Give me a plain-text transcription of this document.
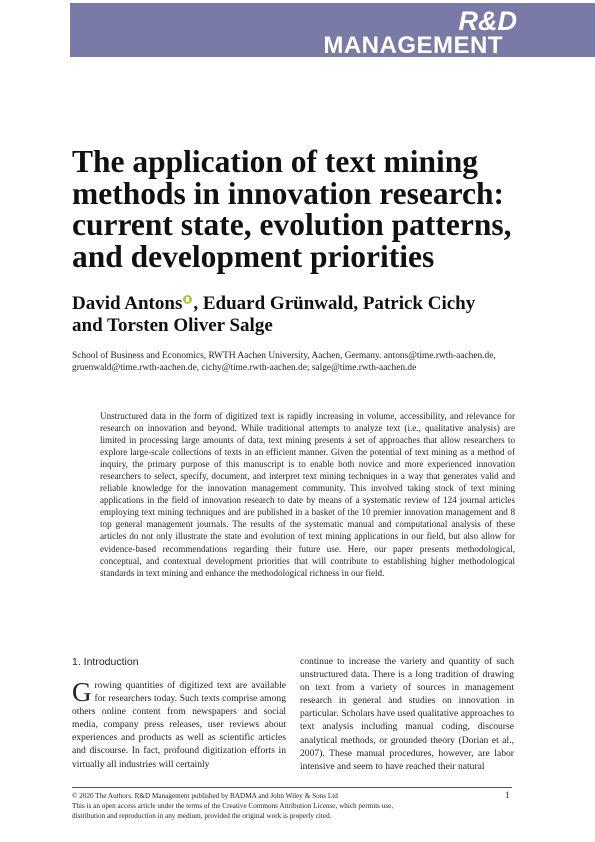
R&D
MANAGEMENT
The application of text mining methods in innovation research: current state, evolution patterns, and development priorities
David Antons , Eduard Grünwald, Patrick Cichy
and Torsten Oliver Salge

School of Business and Economics, RWTH Aachen University, Aachen, Germany. antons@time.rwth-aachen.de, gruenwald@time.rwth-aachen.de, cichy@time.rwth-aachen.de; salge@time.rwth-aachen.de

Unstructured data in the form of digitized text is rapidly increasing in volume, accessibility, and relevance for research on innovation and beyond. While traditional attempts to analyze text (i.e., qualitative analysis) are limited in processing large amounts of data, text mining presents a set of approaches that allow researchers to explore large-scale collections of texts in an efficient manner. Given the potential of text mining as a method of inquiry, the primary purpose of this manuscript is to enable both novice and more experienced innovation researchers to select, specify, document, and interpret text mining techniques in a way that generates valid and reliable knowledge for the innovation management community. This involved taking stock of text mining applications in the field of innovation research to date by means of a systematic review of 124 journal articles employing text mining techniques and are published in a basket of the 10 premier innovation management and 8 top general management journals. The results of the systematic manual and computational analysis of these articles do not only illustrate the state and evolution of text mining applications in our field, but also allow for evidence-based recommendations regarding their future use. Here, our paper presents methodological, conceptual, and contextual development priorities that will contribute to establishing higher methodological standards in text mining and enhance the methodological richness in our field.

1. Introduction
Growing quantities of digitized text are available for researchers today. Such texts comprise among others online content from newspapers and social media, company press releases, user reviews about experiences and products as well as scientific articles and discourse. In fact, profound digitization efforts in virtually all industries will certainly
continue to increase the variety and quantity of such unstructured data. There is a long tradition of drawing on text from a variety of sources in management research in general and studies on innovation in particular. Scholars have used qualitative approaches to text analysis including manual coding, discourse analytical methods, or grounded theory (Dorian et al., 2007). These manual procedures, however, are labor intensive and seem to have reached their natural

© 2020 The Authors. R&D Management published by RADMA and John Wiley & Sons Ltd
This is an open access article under the terms of the Creative Commons Attribution License, which permits use,
distribution and reproduction in any medium, provided the original work is properly cited.

1
